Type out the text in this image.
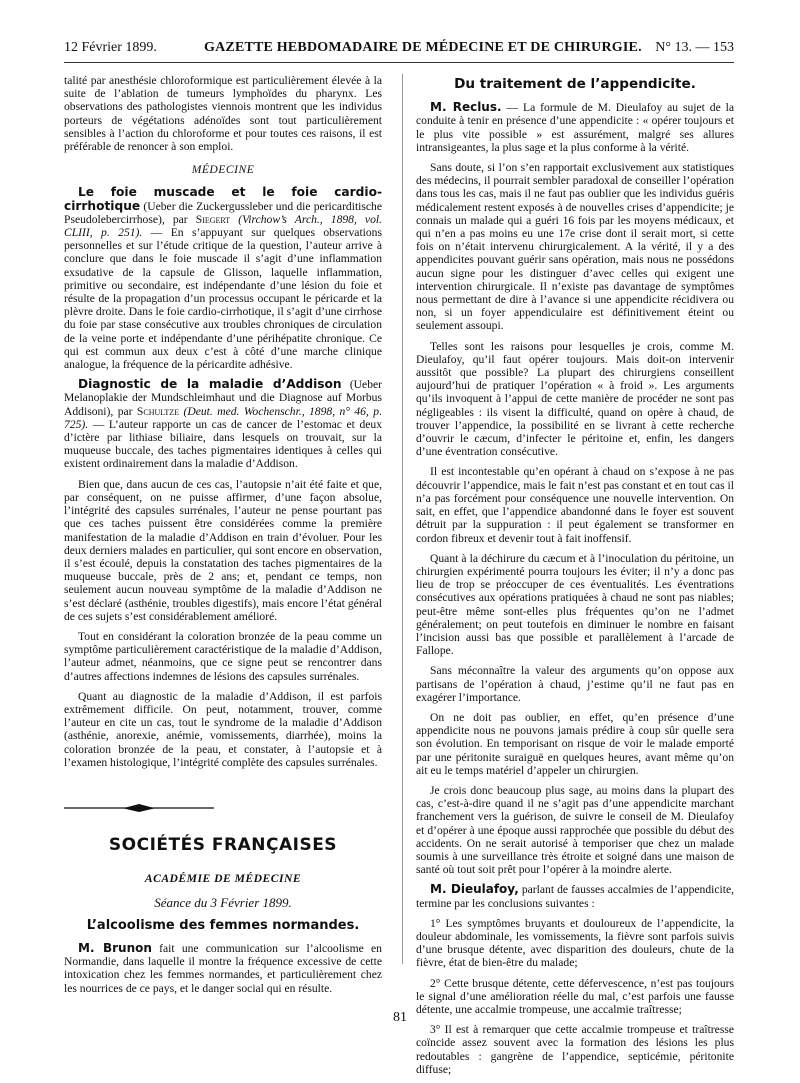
12 Février 1899.	GAZETTE HEBDOMADAIRE DE MÉDECINE ET DE CHIRURGIE. N° 13. — 153

talité par anesthésie chloroformique est particulièrement élevée à la suite de l’ablation de tumeurs lymphoïdes du pharynx. Les observations des pathologistes viennois montrent que les individus porteurs de végétations adénoïdes sont tout particulièrement sensibles à l’action du chloroforme et pour toutes ces raisons, il est préférable de renoncer à son emploi.

MÉDECINE

Le foie muscade et le foie cardio-cirrhotique (Ueber die Zuckergussleber und die pericarditische Pseudolebercirrhose), par Siegert (Virchow’s Arch., 1898, vol. CLIII, p. 251). — En s’appuyant sur quelques observations personnelles et sur l’étude critique de la question, l’auteur arrive à conclure que dans le foie muscade il s’agit d’une inflammation exsudative de la capsule de Glisson, laquelle inflammation, primitive ou secondaire, est indépendante d’une lésion du foie et résulte de la propagation d’un processus occupant le péricarde et la plèvre droite. Dans le foie cardio-cirrhotique, il s’agit d’une cirrhose du foie par stase consécutive aux troubles chroniques de circulation de la veine porte et indépendante d’une périhépatite chronique. Ce qui est commun aux deux c’est à côté d’une marche clinique analogue, la fréquence de la péricardite adhésive.

Diagnostic de la maladie d’Addison (Ueber Melanoplakie der Mundschleimhaut und die Diagnose auf Morbus Addisoni), par Schultze (Deut. med. Wochenschr., 1898, n° 46, p. 725). — L’auteur rapporte un cas de cancer de l’estomac et deux d’ictère par lithiase biliaire, dans lesquels on trouvait, sur la muqueuse buccale, des taches pigmentaires identiques à celles qui existent ordinairement dans la maladie d’Addison.

Bien que, dans aucun de ces cas, l’autopsie n’ait été faite et que, par conséquent, on ne puisse affirmer, d’une façon absolue, l’intégrité des capsules surrénales, l’auteur ne pense pourtant pas que ces taches puissent être considérées comme la première manifestation de la maladie d’Addison en train d’évoluer. Pour les deux derniers malades en particulier, qui sont encore en observation, il s’est écoulé, depuis la constatation des taches pigmentaires de la muqueuse buccale, près de 2 ans; et, pendant ce temps, non seulement aucun nouveau symptôme de la maladie d’Addison ne s’est déclaré (asthénie, troubles digestifs), mais encore l’état général de ces sujets s’est considérablement amélioré.

Tout en considérant la coloration bronzée de la peau comme un symptôme particulièrement caractéristique de la maladie d’Addison, l’auteur admet, néanmoins, que ce signe peut se rencontrer dans d’autres affections indemnes de lésions des capsules surrénales.

Quant au diagnostic de la maladie d’Addison, il est parfois extrêmement difficile. On peut, notamment, trouver, comme l’auteur en cite un cas, tout le syndrome de la maladie d’Addison (asthénie, anorexie, anémie, vomissements, diarrhée), moins la coloration bronzée de la peau, et constater, à l’autopsie et à l’examen histologique, l’intégrité complète des capsules surrénales.

SOCIÉTÉS FRANÇAISES
ACADÉMIE DE MÉDECINE
Séance du 3 Février 1899.
L’alcoolisme des femmes normandes.

M. Brunon fait une communication sur l’alcoolisme en Normandie, dans laquelle il montre la fréquence excessive de cette intoxication chez les femmes normandes, et particulièrement chez les nourrices de ce pays, et le danger social qui en résulte.

Du traitement de l’appendicite.

M. Reclus. — La formule de M. Dieulafoy au sujet de la conduite à tenir en présence d’une appendicite : « opérer toujours et le plus vite possible » est assurément, malgré ses allures intransigeantes, la plus sage et la plus conforme à la vérité.

Sans doute, si l’on s’en rapportait exclusivement aux statistiques des médecins, il pourrait sembler paradoxal de conseiller l’opération dans tous les cas, mais il ne faut pas oublier que les individus guéris médicalement restent exposés à de nouvelles crises d’appendicite; je connais un malade qui a guéri 16 fois par les moyens médicaux, et qui n’en a pas moins eu une 17e crise dont il serait mort, si cette fois on n’était intervenu chirurgicalement. A la vérité, il y a des appendicites pouvant guérir sans opération, mais nous ne possédons aucun signe pour les distinguer d’avec celles qui exigent une intervention chirurgicale. Il n’existe pas davantage de symptômes nous permettant de dire à l’avance si une appendicite récidivera ou non, si un foyer appendiculaire est définitivement éteint ou seulement assoupi.

Telles sont les raisons pour lesquelles je crois, comme M. Dieulafoy, qu’il faut opérer toujours. Mais doit-on intervenir aussitôt que possible? La plupart des chirurgiens conseillent aujourd’hui de pratiquer l’opération « à froid ». Les arguments qu’ils invoquent à l’appui de cette manière de procéder ne sont pas négligeables : ils visent la difficulté, quand on opère à chaud, de trouver l’appendice, la possibilité en se livrant à cette recherche d’ouvrir le cæcum, d’infecter le péritoine et, enfin, les dangers d’une éventration consécutive.

Il est incontestable qu’en opérant à chaud on s’expose à ne pas découvrir l’appendice, mais le fait n’est pas constant et en tout cas il n’a pas forcément pour conséquence une nouvelle intervention. On sait, en effet, que l’appendice abandonné dans le foyer est souvent détruit par la suppuration : il peut également se transformer en cordon fibreux et devenir tout à fait inoffensif.

Quant à la déchirure du cæcum et à l’inoculation du péritoine, un chirurgien expérimenté pourra toujours les éviter; il n’y a donc pas lieu de trop se préoccuper de ces éventualités. Les éventrations consécutives aux opérations pratiquées à chaud ne sont pas niables; peut-être même sont-elles plus fréquentes qu’on ne l’admet généralement; on peut toutefois en diminuer le nombre en faisant l’incision aussi bas que possible et parallèlement à l’arcade de Fallope.

Sans méconnaître la valeur des arguments qu’on oppose aux partisans de l’opération à chaud, j’estime qu’il ne faut pas en exagérer l’importance.

On ne doit pas oublier, en effet, qu’en présence d’une appendicite nous ne pouvons jamais prédire à coup sûr quelle sera son évolution. En temporisant on risque de voir le malade emporté par une péritonite suraiguë en quelques heures, avant même qu’on ait eu le temps matériel d’appeler un chirurgien.

Je crois donc beaucoup plus sage, au moins dans la plupart des cas, c’est-à-dire quand il ne s’agit pas d’une appendicite marchant franchement vers la guérison, de suivre le conseil de M. Dieulafoy et d’opérer à une époque aussi rapprochée que possible du début des accidents. On ne serait autorisé à temporiser que chez un malade soumis à une surveillance très étroite et soigné dans une maison de santé où tout soit prêt pour l’opérer à la moindre alerte.

M. Dieulafoy, parlant de fausses accalmies de l’appendicite, termine par les conclusions suivantes :

1° Les symptômes bruyants et douloureux de l’appendicite, la douleur abdominale, les vomissements, la fièvre sont parfois suivis d’une brusque détente, avec disparition des douleurs, chute de la fièvre, état de bien-être du malade;

2° Cette brusque détente, cette défervescence, n’est pas toujours le signal d’une amélioration réelle du mal, c’est parfois une fausse détente, une accalmie trompeuse, une accalmie traîtresse;

3° Il est à remarquer que cette accalmie trompeuse et traîtresse coïncide assez souvent avec la formation des lésions les plus redoutables : gangrène de l’appendice, septicémie, péritonite diffuse;

81
